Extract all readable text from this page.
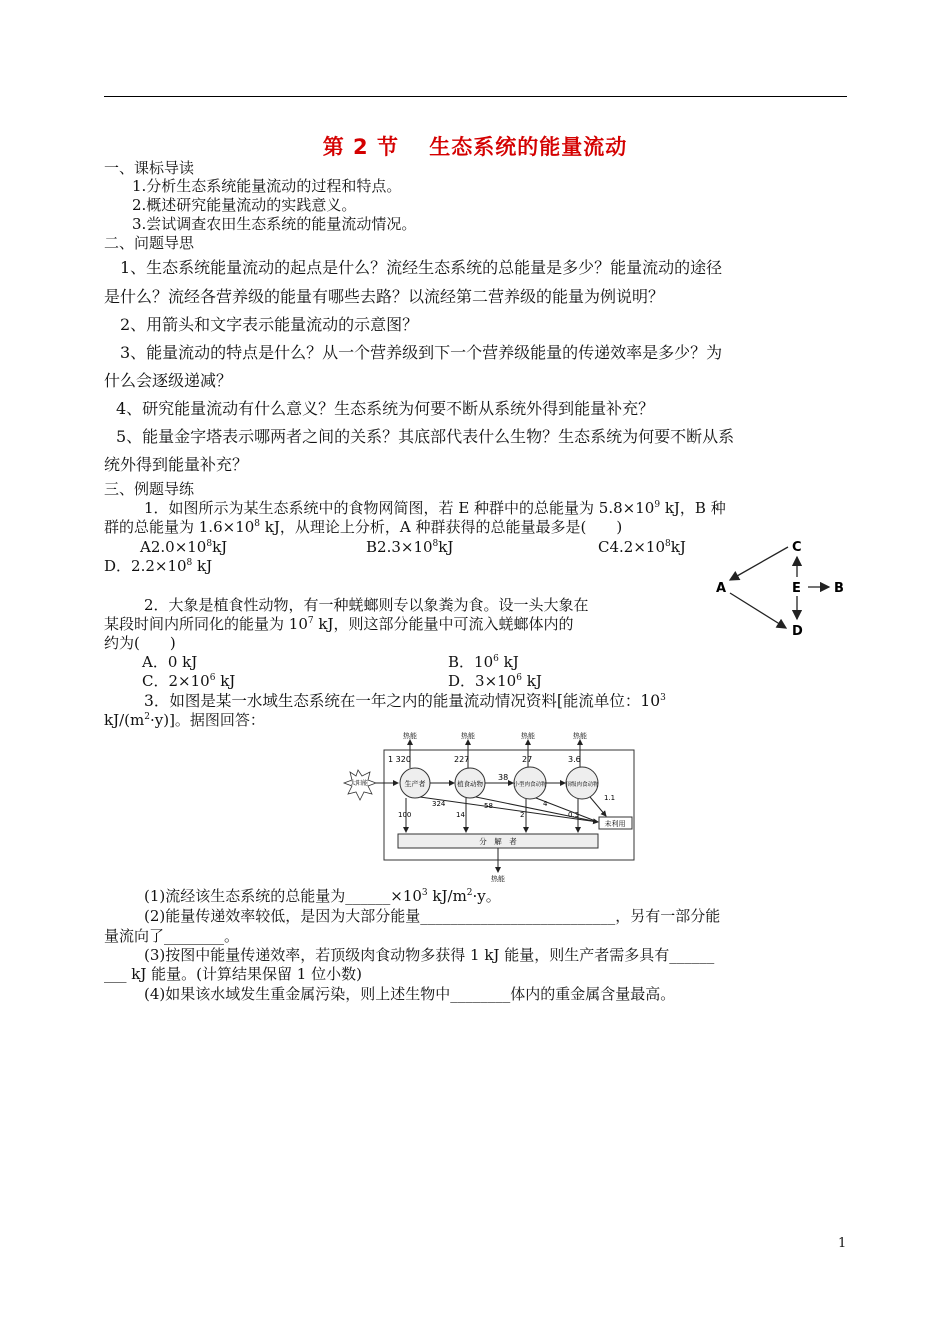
第 2 节　 生态系统的能量流动
一、课标导读
1.分析生态系统能量流动的过程和特点。
2.概述研究能量流动的实践意义。
3.尝试调查农田生态系统的能量流动情况。
二、问题导思
1、生态系统能量流动的起点是什么？流经生态系统的总能量是多少？能量流动的途径
是什么？流经各营养级的能量有哪些去路？以流经第二营养级的能量为例说明？
2、用箭头和文字表示能量流动的示意图？
3、能量流动的特点是什么？从一个营养级到下一个营养级能量的传递效率是多少？为
什么会逐级递减？
4、研究能量流动有什么意义？生态系统为何要不断从系统外得到能量补充？
5、能量金字塔表示哪两者之间的关系？其底部代表什么生物？生态系统为何要不断从系
统外得到能量补充？
三、例题导练
1．如图所示为某生态系统中的食物网简图，若 E 种群中的总能量为 $5.8\times 10^9$ kJ，B 种
群的总能量为 $1.6\times 10^8$ kJ，从理论上分析，A 种群获得的总能量最多是(　　)
$A2.0\times 10^8kJ$	$B2.3\times 10^8kJ$	$C4.2\times 10^8kJ$
D．$2.2\times 10^8$ kJ
C
E	B
A
D
2．大象是植食性动物，有一种蜣螂则专以象粪为食。设一头大象在
某段时间内所同化的能量为 $10^7$ kJ，则这部分能量中可流入蜣螂体内的
约为(　　)
A．0 kJ	B．$10^6$ kJ
C．$2\times 10^6$ kJ	D．$3\times 10^6$ kJ
3．如图是某一水域生态系统在一年之内的能量流动情况资料[能流单位：$10^3$
$kJ/(m^2\cdot y)$]。据图回答：
太阳能	生产者	植食动物	小型肉食动物	顶级肉食动物
38
热能	热能	热能	热能
1 320	227	27	3.6
100	14	2	0.3
324	58	4
1.1
未利用
分　解　者
热能
(1)流经该生态系统的总能量为$\_\_\_\_\_\_\times 10^3$ $kJ/m^2\cdot y$。
(2)能量传递效率较低，是因为大部分能量__________________________，另有一部分能
量流向了________。
(3)按图中能量传递效率，若顶级肉食动物多获得 1 kJ 能量，则生产者需多具有______
___ kJ 能量。(计算结果保留 1 位小数)
(4)如果该水域发生重金属污染，则上述生物中________体内的重金属含量最高。
1
